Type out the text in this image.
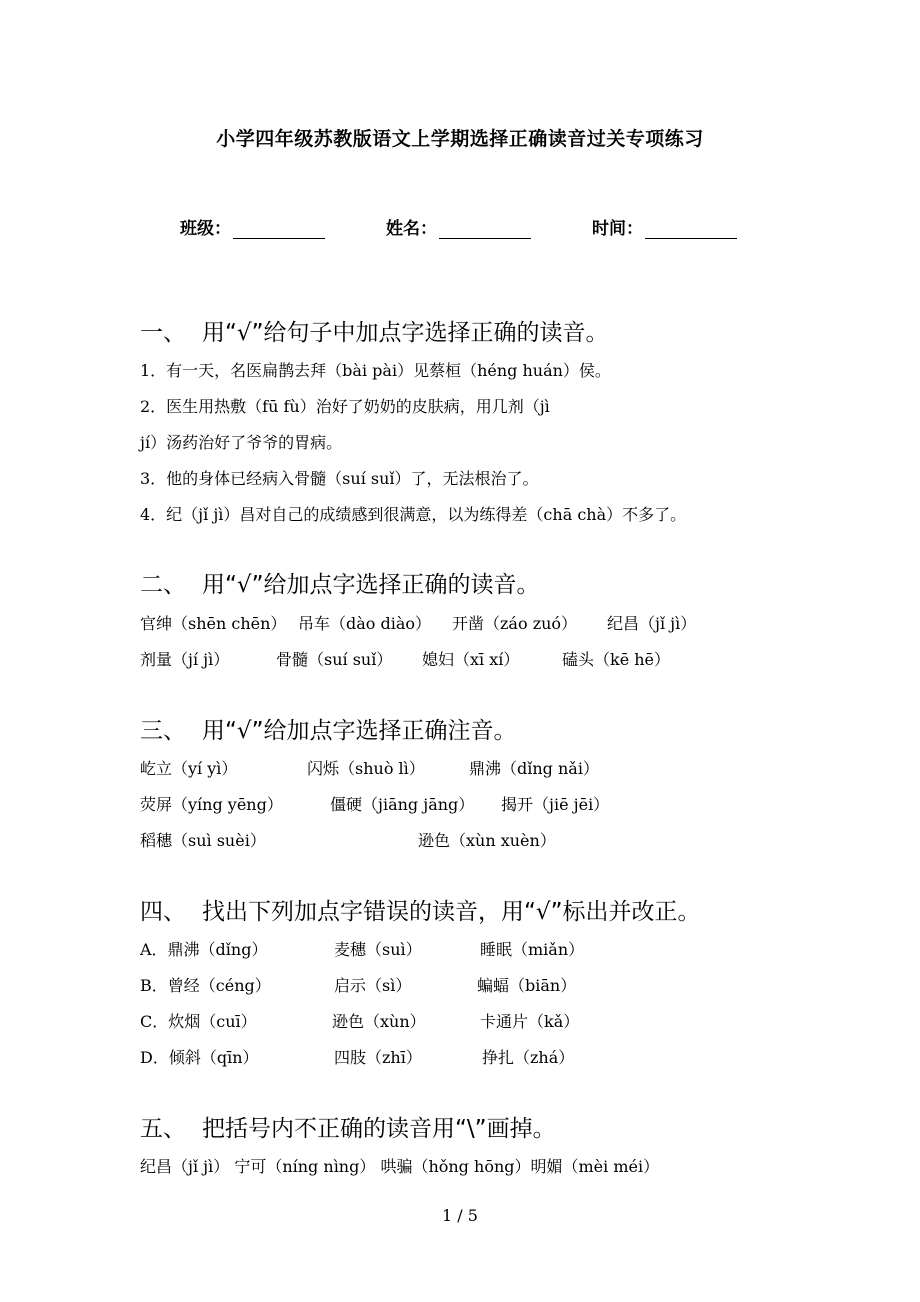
小学四年级苏教版语文上学期选择正确读音过关专项练习
班级：	姓名：	时间：
一、 用“√”给句子中加点字选择正确的读音。
1．有一天，名医扁鹊去拜（bài pài）见蔡桓（héng huán）侯。
2．医生用热敷（fū fù）治好了奶奶的皮肤病，用几剂（jì
jí）汤药治好了爷爷的胃病。
3．他的身体已经病入骨髓（suí suǐ）了，无法根治了。
4．纪（jǐ jì）昌对自己的成绩感到很满意，以为练得差（chā chà）不多了。
二、 用“√”给加点字选择正确的读音。
官绅（shēn chēn） 吊车（dào diào） 开凿（záo zuó） 纪昌（jǐ jì）
剂量（jí jì）	骨髓（suí suǐ） 媳妇（xī xí）	磕头（kē hē）
三、 用“√”给加点字选择正确注音。
屹立（yí yì）	闪烁（shuò lì）	鼎沸（dǐng nǎi）
荧屏（yíng yēng）	僵硬（jiāng jāng） 揭开（jiē jēi）
稻穗（suì suèi）	逊色（xùn xuèn）
四、 找出下列加点字错误的读音，用“√”标出并改正。
A．鼎沸（dǐng）	麦穗（suì）	睡眠（miǎn）
B．曾经（céng）	启示（sì）	蝙蝠（biān）
C．炊烟（cuī）	逊色（xùn）	卡通片（kǎ）
D．倾斜（qīn）	四肢（zhī）	挣扎（zhá）
五、 把括号内不正确的读音用“\”画掉。
纪昌（jǐ jì） 宁可（níng nìng） 哄骗（hǒng hōng）明媚（mèi méi）
1 / 5
